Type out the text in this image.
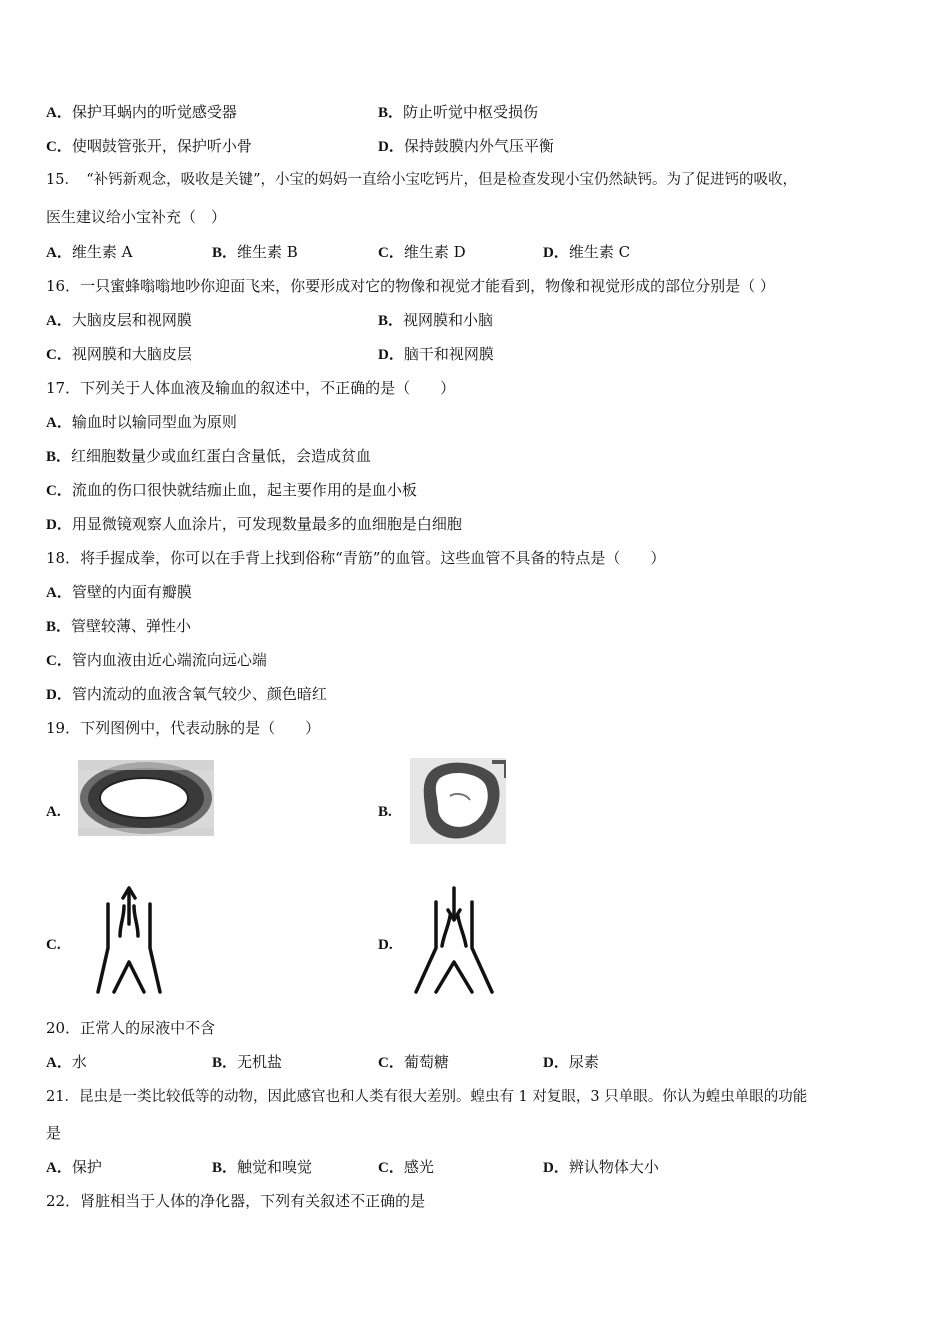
A．保护耳蜗内的听觉感受器	B．防止听觉中枢受损伤
C．使咽鼓管张开，保护听小骨	D．保持鼓膜内外气压平衡
15．　“补钙新观念，吸收是关键”，小宝的妈妈一直给小宝吃钙片，但是检查发现小宝仍然缺钙。为了促进钙的吸收，
医生建议给小宝补充（　）
A．维生素 A	B．维生素 B	C．维生素 D	D．维生素 C
16．一只蜜蜂嗡嗡地吵你迎面飞来，你要形成对它的物像和视觉才能看到，物像和视觉形成的部位分别是（ ）
A．大脑皮层和视网膜	B．视网膜和小脑
C．视网膜和大脑皮层	D．脑干和视网膜
17．下列关于人体血液及输血的叙述中，不正确的是（　　）
A．输血时以输同型血为原则
B．红细胞数量少或血红蛋白含量低，会造成贫血
C．流血的伤口很快就结痂止血，起主要作用的是血小板
D．用显微镜观察人血涂片，可发现数量最多的血细胞是白细胞
18．将手握成拳，你可以在手背上找到俗称“青筋”的血管。这些血管不具备的特点是（　　）
A．管壁的内面有瓣膜
B．管壁较薄、弹性小
C．管内血液由近心端流向远心端
D．管内流动的血液含氧气较少、颜色暗红
19．下列图例中，代表动脉的是（　　）
A.	B.
C.	D.
20．正常人的尿液中不含
A．水	B．无机盐	C．葡萄糖	D．尿素
21．昆虫是一类比较低等的动物，因此感官也和人类有很大差别。蝗虫有 1 对复眼，3 只单眼。你认为蝗虫单眼的功能
是
A．保护	B．触觉和嗅觉	C．感光	D．辨认物体大小
22．肾脏相当于人体的净化器，下列有关叙述不正确的是
